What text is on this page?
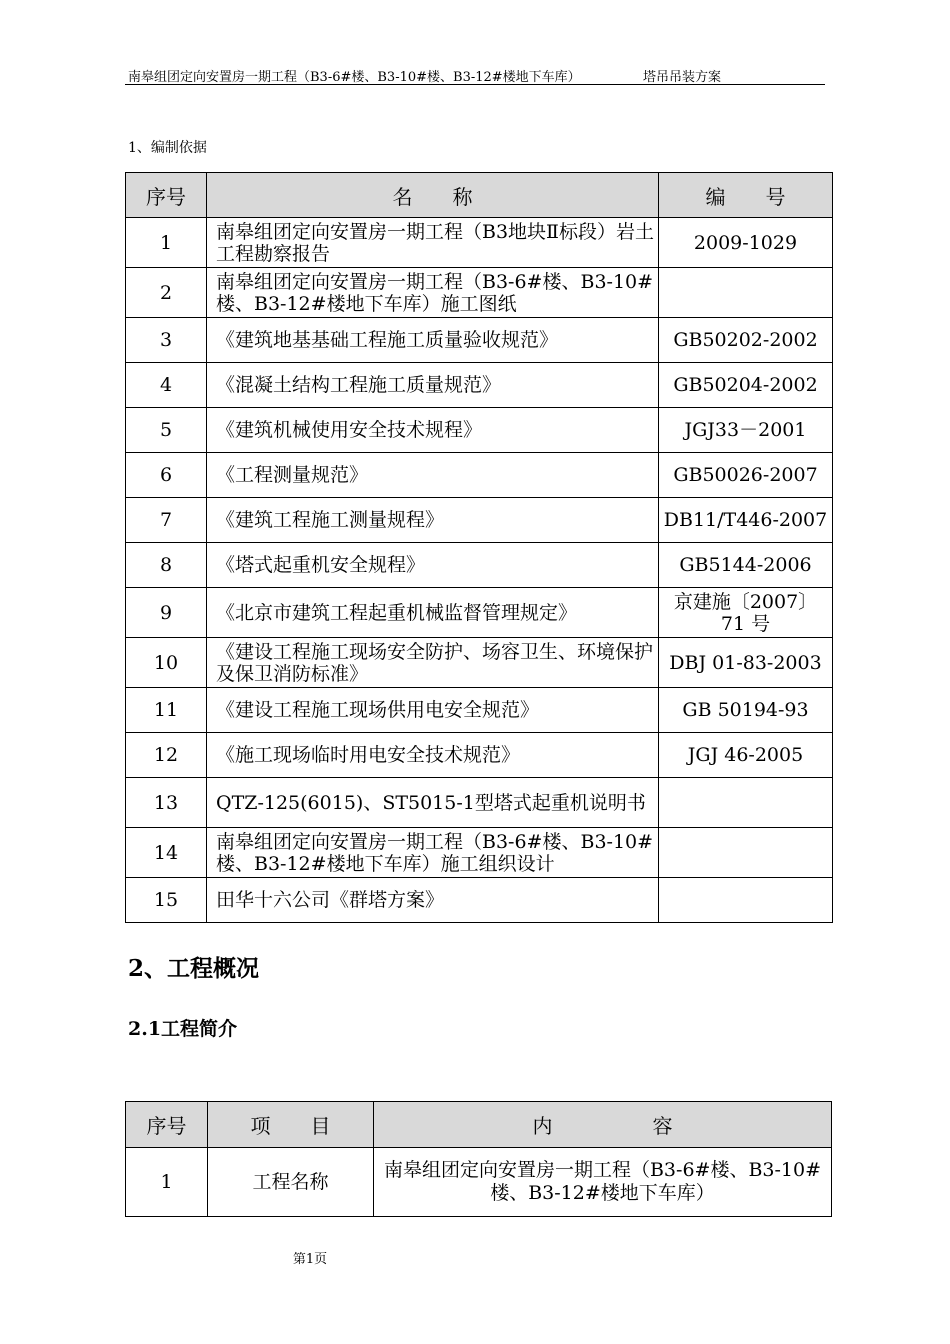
南皋组团定向安置房一期工程（B3-6#楼、B3-10#楼、B3-12#楼地下车库）	塔吊吊装方案
1、编制依据
序号	名　　称	编　　号
1	南皋组团定向安置房一期工程（B3地块Ⅱ标段）岩土工程勘察报告	2009-1029
2	南皋组团定向安置房一期工程（B3-6#楼、B3-10#楼、B3-12#楼地下车库）施工图纸	
3	《建筑地基基础工程施工质量验收规范》	GB50202-2002
4	《混凝土结构工程施工质量规范》	GB50204-2002
5	《建筑机械使用安全技术规程》	JGJ33－2001
6	《工程测量规范》	GB50026-2007
7	《建筑工程施工测量规程》	DB11/T446-2007
8	《塔式起重机安全规程》	GB5144-2006
9	《北京市建筑工程起重机械监督管理规定》	京建施〔2007〕71 号
10	《建设工程施工现场安全防护、场容卫生、环境保护及保卫消防标准》	DBJ 01-83-2003
11	《建设工程施工现场供用电安全规范》	GB 50194-93
12	《施工现场临时用电安全技术规范》	JGJ 46-2005
13	QTZ-125(6015)、ST5015-1型塔式起重机说明书	
14	南皋组团定向安置房一期工程（B3-6#楼、B3-10#楼、B3-12#楼地下车库）施工组织设计	
15	田华十六公司《群塔方案》	
2、工程概况
2.1工程简介
序号	项　　目	内　　　　　容
1	工程名称	南皋组团定向安置房一期工程（B3-6#楼、B3-10#楼、B3-12#楼地下车库）
第1页
